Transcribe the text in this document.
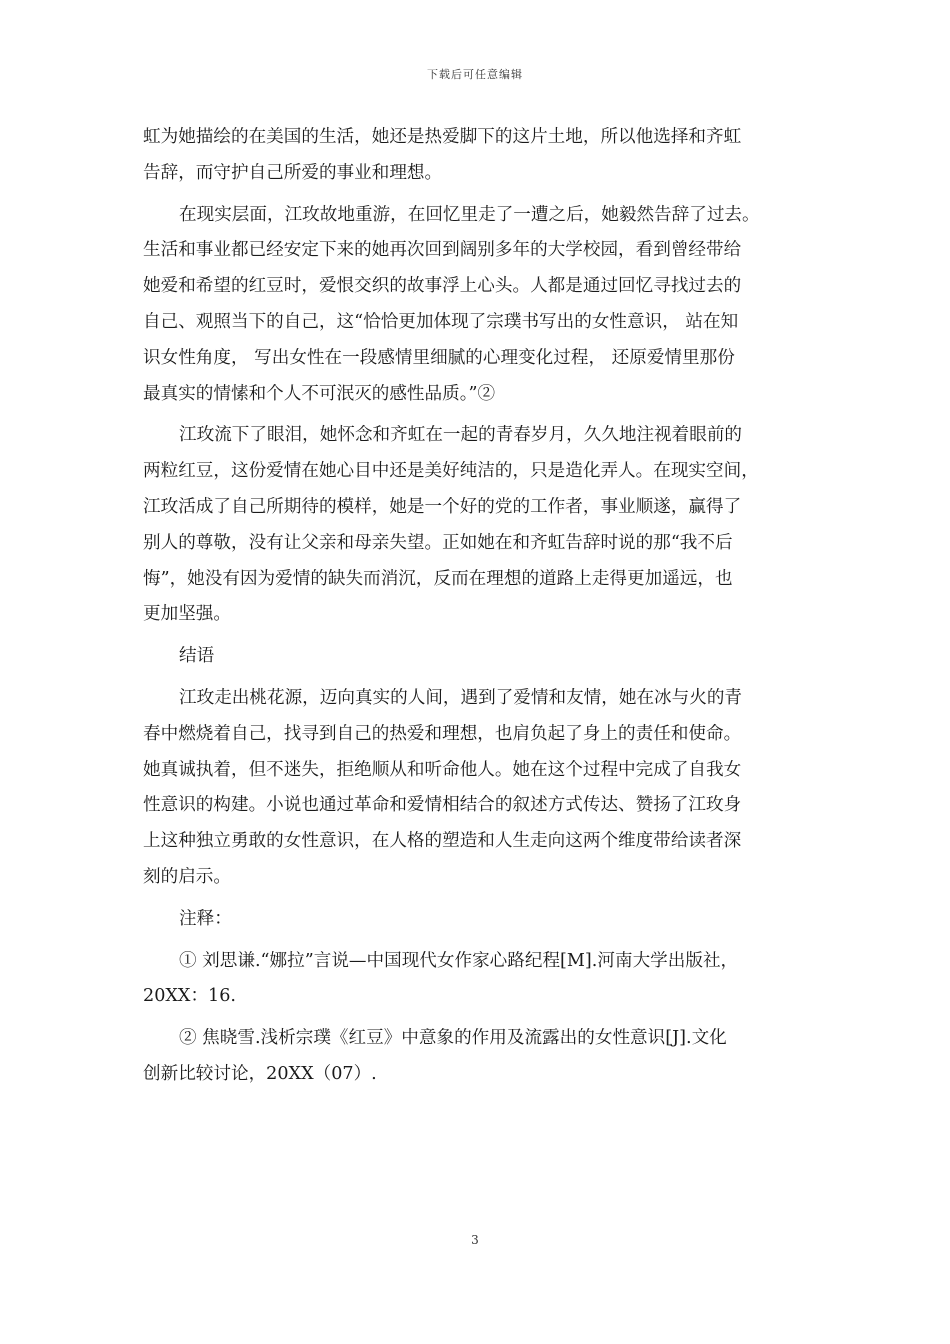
下载后可任意编辑

虹为她描绘的在美国的生活，她还是热爱脚下的这片土地，所以他选择和齐虹
告辞，而守护自己所爱的事业和理想。

在现实层面，江玫故地重游，在回忆里走了一遭之后，她毅然告辞了过去。
生活和事业都已经安定下来的她再次回到阔别多年的大学校园，看到曾经带给
她爱和希望的红豆时，爱恨交织的故事浮上心头。人都是通过回忆寻找过去的
自己、观照当下的自己，这“恰恰更加体现了宗璞书写出的女性意识， 站在知
识女性角度， 写出女性在一段感情里细腻的心理变化过程， 还原爱情里那份
最真实的情愫和个人不可泯灭的感性品质。”②

江玫流下了眼泪，她怀念和齐虹在一起的青春岁月，久久地注视着眼前的
两粒红豆，这份爱情在她心目中还是美好纯洁的，只是造化弄人。在现实空间，
江玫活成了自己所期待的模样，她是一个好的党的工作者，事业顺遂，赢得了
别人的尊敬，没有让父亲和母亲失望。正如她在和齐虹告辞时说的那“我不后
悔”，她没有因为爱情的缺失而消沉，反而在理想的道路上走得更加遥远，也
更加坚强。

结语

江玫走出桃花源，迈向真实的人间，遇到了爱情和友情，她在冰与火的青
春中燃烧着自己，找寻到自己的热爱和理想，也肩负起了身上的责任和使命。
她真诚执着，但不迷失，拒绝顺从和听命他人。她在这个过程中完成了自我女
性意识的构建。小说也通过革命和爱情相结合的叙述方式传达、赞扬了江玫身
上这种独立勇敢的女性意识，在人格的塑造和人生走向这两个维度带给读者深
刻的启示。

注释：

① 刘思谦.“娜拉”言说—中国现代女作家心路纪程[M].河南大学出版社，
20XX：16.

② 焦晓雪.浅析宗璞《红豆》中意象的作用及流露出的女性意识[J].文化
创新比较讨论，20XX（07）.

3
